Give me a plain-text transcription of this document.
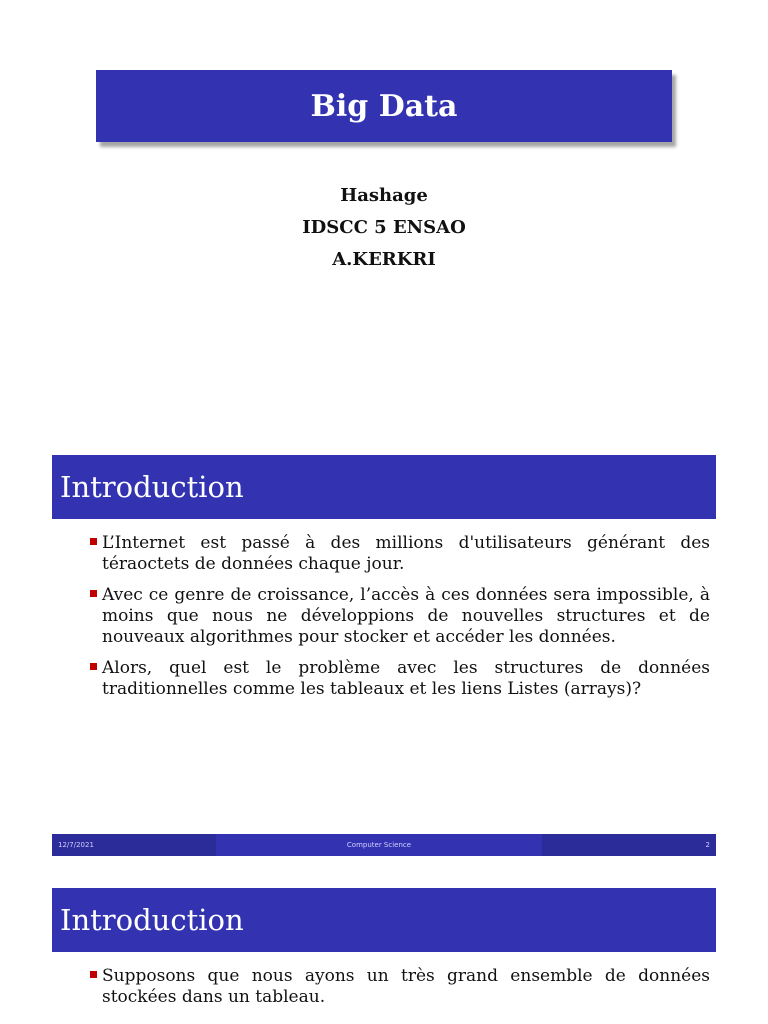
Big Data
Hashage
IDSCC 5 ENSAO
A.KERKRI
Introduction
L’Internet est passé à des millions d'utilisateurs générant des téraoctets de données chaque jour.
Avec ce genre de croissance, l’accès à ces données sera impossible, à moins que nous ne développions de nouvelles structures et de nouveaux algorithmes pour stocker et accéder les données.
Alors, quel est le problème avec les structures de données traditionnelles comme les tableaux et les liens Listes (arrays)?
12/7/2021	Computer Science	2
Introduction
Supposons que nous ayons un très grand ensemble de données stockées dans un tableau.
